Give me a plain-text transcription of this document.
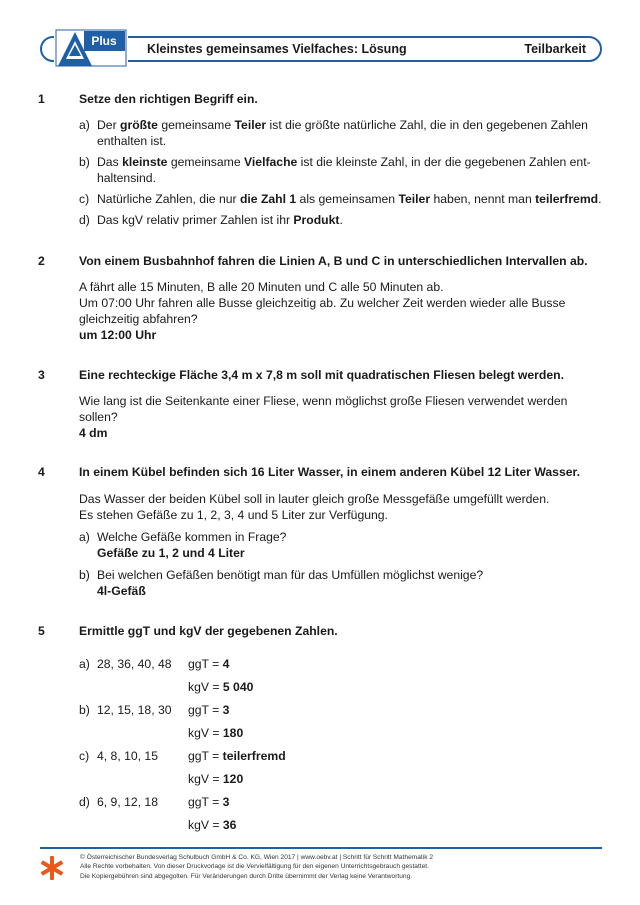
Plus
Kleinstes gemeinsames Vielfaches: Lösung	Teilbarkeit
1	Setze den richtigen Begriff ein.
a) Der größte gemeinsame Teiler ist die größte natürliche Zahl, die in den gegebenen Zahlen enthalten ist.
b) Das kleinste gemeinsame Vielfache ist die kleinste Zahl, in der die gegebenen Zahlen ent-haltensind.
c) Natürliche Zahlen, die nur die Zahl 1 als gemeinsamen Teiler haben, nennt man teilerfremd.
d) Das kgV relativ primer Zahlen ist ihr Produkt.
2	Von einem Busbahnhof fahren die Linien A, B und C in unterschiedlichen Intervallen ab.
A fährt alle 15 Minuten, B alle 20 Minuten und C alle 50 Minuten ab.
Um 07:00 Uhr fahren alle Busse gleichzeitig ab. Zu welcher Zeit werden wieder alle Busse
gleichzeitig abfahren?
um 12:00 Uhr
3	Eine rechteckige Fläche 3,4 m x 7,8 m soll mit quadratischen Fliesen belegt werden.
Wie lang ist die Seitenkante einer Fliese, wenn möglichst große Fliesen verwendet werden
sollen?
4 dm
4	In einem Kübel befinden sich 16 Liter Wasser, in einem anderen Kübel 12 Liter Wasser.
Das Wasser der beiden Kübel soll in lauter gleich große Messgefäße umgefüllt werden.
Es stehen Gefäße zu 1, 2, 3, 4 und 5 Liter zur Verfügung.
a) Welche Gefäße kommen in Frage?
Gefäße zu 1, 2 und 4 Liter
b) Bei welchen Gefäßen benötigt man für das Umfüllen möglichst wenige?
4l-Gefäß
5	Ermittle ggT und kgV der gegebenen Zahlen.
a) 28, 36, 40, 48 ggT = 4
kgV = 5 040
b) 12, 15, 18, 30 ggT = 3
kgV = 180
c) 4, 8, 10, 15 ggT = teilerfremd
kgV = 120
d) 6, 9, 12, 18 ggT = 3
kgV = 36
© Österreichischer Bundesverlag Schulbuch GmbH & Co. KG, Wien 2017 | www.oebv.at | Schritt für Schritt Mathematik 2
Alle Rechte vorbehalten. Von dieser Druckvorlage ist die Vervielfältigung für den eigenen Unterrichtsgebrauch gestattet.
Die Kopiergebühren sind abgegolten. Für Veränderungen durch Dritte übernimmt der Verlag keine Verantwortung.
